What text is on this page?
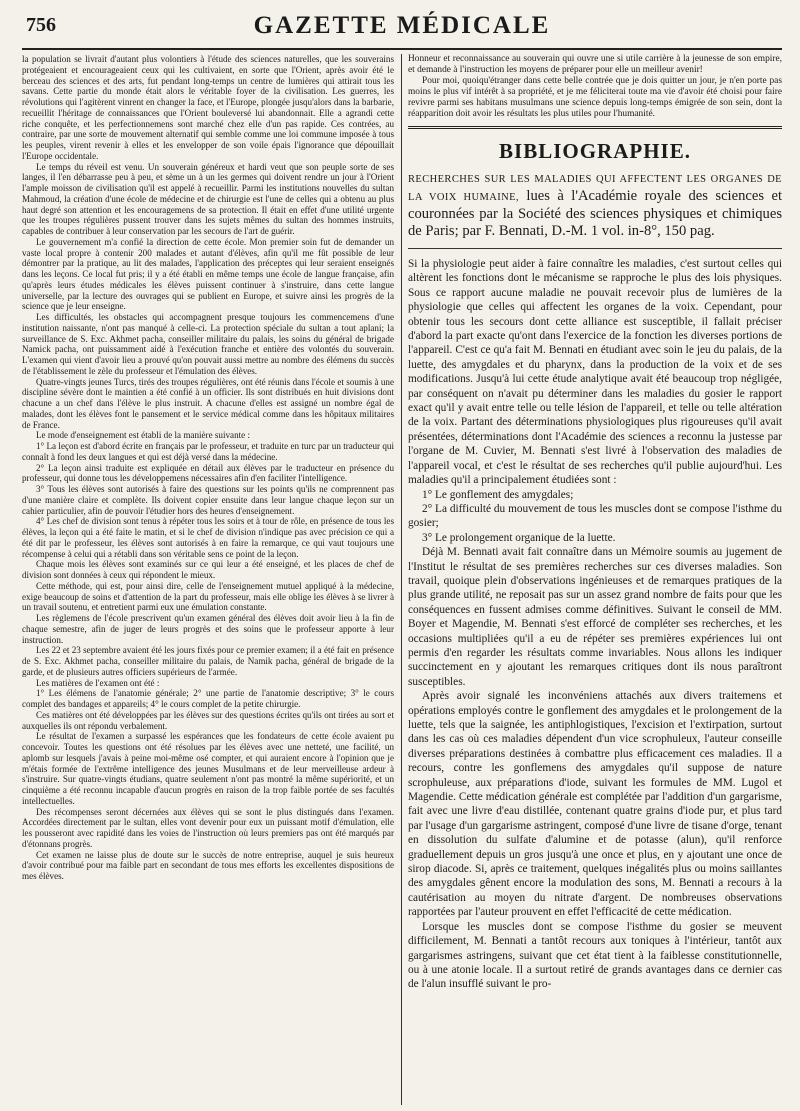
756	GAZETTE MÉDICALE

la population se livrait d'autant plus volontiers à l'étude des sciences naturelles, que les souverains protégeaient et encourageaient ceux qui les cultivaient, en sorte que l'Orient, après avoir été le berceau des sciences et des arts, fut pendant long-temps un centre de lumières qui attirait tous les savans. Cette partie du monde était alors le véritable foyer de la civilisation. Les guerres, les révolutions qui l'agitèrent vinrent en changer la face, et l'Europe, plongée jusqu'alors dans la barbarie, recueillit l'héritage de connaissances que l'Orient bouleversé lui abandonnait. Elle a agrandi cette riche conquête, et les perfectionnemens sont marché chez elle d'un pas rapide. Ces contrées, au contraire, par une sorte de mouvement alternatif qui semble comme une loi commune imposée à tous les peuples, virent revenir à elles et les envelopper de son voile épais l'ignorance que dépouillait l'Europe occidentale.

Le temps du réveil est venu. Un souverain généreux et hardi veut que son peuple sorte de ses langes, il l'en débarrasse peu à peu, et sème un à un les germes qui doivent rendre un jour à l'Orient l'ample moisson de civilisation qu'il est appelé à recueillir. Parmi les institutions nouvelles du sultan Mahmoud, la création d'une école de médecine et de chirurgie est l'une de celles qui a obtenu au plus haut degré son attention et les encouragemens de sa protection. Il était en effet d'une utilité urgente que les troupes régulières pussent trouver dans les sujets mêmes du sultan des hommes instruits, capables de contribuer à leur conservation par les secours de l'art de guérir.

Le gouvernement m'a confié la direction de cette école. Mon premier soin fut de demander un vaste local propre à contenir 200 malades et autant d'élèves, afin qu'il me fût possible de leur démontrer par la pratique, au lit des malades, l'application des préceptes qui leur seraient enseignés dans les leçons. Ce local fut pris; il y a été établi en même temps une école de langue française, afin qu'après leurs études médicales les élèves puissent continuer à s'instruire, dans cette langue universelle, par la lecture des ouvrages qui se publient en Europe, et suivre ainsi les progrès de la science que je leur enseigne.

Les difficultés, les obstacles qui accompagnent presque toujours les commencemens d'une institution naissante, n'ont pas manqué à celle-ci. La protection spéciale du sultan a tout aplani; la surveillance de S. Exc. Akhmet pacha, conseiller militaire du palais, les soins du général de brigade Namick pacha, ont puissamment aidé à l'exécution franche et entière des volontés du souverain. L'examen qui vient d'avoir lieu a prouvé qu'on pouvait aussi mettre au nombre des élémens du succès de l'établissement le zèle du professeur et l'émulation des élèves.

Quatre-vingts jeunes Turcs, tirés des troupes régulières, ont été réunis dans l'école et soumis à une discipline sévère dont le maintien a été confié à un officier. Ils sont distribués en huit divisions dont chacune a un chef dans l'élève le plus instruit. A chacune d'elles est assigné un nombre égal de malades, dont les élèves font le pansement et le service médical comme dans les hôpitaux militaires de France.

Le mode d'enseignement est établi de la manière suivante :

1° La leçon est d'abord écrite en français par le professeur, et traduite en turc par un traducteur qui connaît à fond les deux langues et qui est déjà versé dans la médecine.

2° La leçon ainsi traduite est expliquée en détail aux élèves par le traducteur en présence du professeur, qui donne tous les développemens nécessaires afin d'en faciliter l'intelligence.

3° Tous les élèves sont autorisés à faire des questions sur les points qu'ils ne comprennent pas d'une manière claire et complète. Ils doivent copier ensuite dans leur langue chaque leçon sur un cahier particulier, afin de pouvoir l'étudier hors des heures d'enseignement.

4° Les chef de division sont tenus à répéter tous les soirs et à tour de rôle, en présence de tous les élèves, la leçon qui a été faite le matin, et si le chef de division n'indique pas avec précision ce qui a été dit par le professeur, les élèves sont autorisés à en faire la remarque, ce qui vaut toujours une récompense à celui qui a rétabli dans son véritable sens ce point de la leçon.

Chaque mois les élèves sont examinés sur ce qui leur a été enseigné, et les places de chef de division sont données à ceux qui répondent le mieux.

Cette méthode, qui est, pour ainsi dire, celle de l'enseignement mutuel appliqué à la médecine, exige beaucoup de soins et d'attention de la part du professeur, mais elle oblige les élèves à se livrer à un travail soutenu, et entretient parmi eux une émulation constante.

Les règlemens de l'école prescrivent qu'un examen général des élèves doit avoir lieu à la fin de chaque semestre, afin de juger de leurs progrès et des soins que le professeur apporte à leur instruction.

Les 22 et 23 septembre avaient été les jours fixés pour ce premier examen; il a été fait en présence de S. Exc. Akhmet pacha, conseiller militaire du palais, de Namik pacha, général de brigade de la garde, et de plusieurs autres officiers supérieurs de l'armée.

Les matières de l'examen ont été :

1° Les élémens de l'anatomie générale; 2° une partie de l'anatomie descriptive; 3° le cours complet des bandages et appareils; 4° le cours complet de la petite chirurgie.

Ces matières ont été développées par les élèves sur des questions écrites qu'ils ont tirées au sort et auxquelles ils ont répondu verbalement.

Le résultat de l'examen a surpassé les espérances que les fondateurs de cette école avaient pu concevoir. Toutes les questions ont été résolues par les élèves avec une netteté, une facilité, un aplomb sur lesquels j'avais à peine moi-même osé compter, et qui auraient encore à l'opinion que je m'étais formée de l'extrême intelligence des jeunes Musulmans et de leur merveilleuse ardeur à s'instruire. Sur quatre-vingts étudians, quatre seulement n'ont pas montré la même supériorité, et un cinquième a été reconnu incapable d'aucun progrès en raison de la trop faible portée de ses facultés intellectuelles.

Des récompenses seront décernées aux élèves qui se sont le plus distingués dans l'examen. Accordées directement par le sultan, elles vont devenir pour eux un puissant motif d'émulation, elle les pousseront avec rapidité dans les voies de l'instruction où leurs premiers pas ont été marqués par d'étonnans progrès.

Cet examen ne laisse plus de doute sur le succès de notre entreprise, auquel je suis heureux d'avoir contribué pour ma faible part en secondant de tous mes efforts les excellentes dispositions de mes élèves.

Honneur et reconnaissance au souverain qui ouvre une si utile carrière à la jeunesse de son empire, et demande à l'instruction les moyens de préparer pour elle un meilleur avenir!

Pour moi, quoiqu'étranger dans cette belle contrée que je dois quitter un jour, je n'en porte pas moins le plus vif intérêt à sa propriété, et je me féliciterai toute ma vie d'avoir été choisi pour faire revivre parmi ses habitans musulmans une science depuis long-temps émigrée de son sein, dont la réapparition doit avoir les résultats les plus utiles pour l'humanité.

BIBLIOGRAPHIE.
RECHERCHES SUR LES MALADIES QUI AFFECTENT LES ORGANES DE LA VOIX HUMAINE, lues à l'Académie royale des sciences et couronnées par la Société des sciences physiques et chimiques de Paris; par F. Bennati, D.-M. 1 vol. in-8°, 150 pag.

Si la physiologie peut aider à faire connaître les maladies, c'est surtout celles qui altèrent les fonctions dont le mécanisme se rapproche le plus des lois physiques. Sous ce rapport aucune maladie ne pouvait recevoir plus de lumières de la physiologie que celles qui affectent les organes de la voix. Cependant, pour obtenir tous les secours dont cette alliance est susceptible, il fallait préciser d'abord la part exacte qu'ont dans l'exercice de la fonction les diverses portions de l'appareil. C'est ce qu'a fait M. Bennati en étudiant avec soin le jeu du palais, de la luette, des amygdales et du pharynx, dans la production de la voix et de ses modifications. Jusqu'à lui cette étude analytique avait été beaucoup trop négligée, par conséquent on n'avait pu déterminer dans les maladies du gosier le rapport exact qu'il y avait entre telle ou telle lésion de l'appareil, et telle ou telle altération de la voix. Partant des déterminations physiologiques plus rigoureuses qu'il avait présentées, déterminations dont l'Académie des sciences a reconnu la justesse par l'organe de M. Cuvier, M. Bennati s'est livré à l'observation des maladies de l'appareil vocal, et c'est le résultat de ses recherches qu'il publie aujourd'hui. Les maladies qu'il a principalement étudiées sont :

1° Le gonflement des amygdales;

2° La difficulté du mouvement de tous les muscles dont se compose l'isthme du gosier;

3° Le prolongement organique de la luette.

Déjà M. Bennati avait fait connaître dans un Mémoire soumis au jugement de l'Institut le résultat de ses premières recherches sur ces diverses maladies. Son travail, quoique plein d'observations ingénieuses et de remarques pratiques de la plus grande utilité, ne reposait pas sur un assez grand nombre de faits pour que les conséquences en fussent admises comme définitives. Suivant le conseil de MM. Boyer et Magendie, M. Bennati s'est efforcé de compléter ses recherches, et les occasions multipliées qu'il a eu de répéter ses premières expériences lui ont permis d'en regarder les résultats comme invariables. Nous allons les indiquer succinctement en y ajoutant les remarques critiques dont ils nous paraîtront susceptibles.

Après avoir signalé les inconvéniens attachés aux divers traitemens et opérations employés contre le gonflement des amygdales et le prolongement de la luette, tels que la saignée, les antiphlogistiques, l'excision et l'extirpation, surtout dans les cas où ces maladies dépendent d'un vice scrophuleux, l'auteur conseille diverses préparations destinées à combattre plus efficacement ces maladies. Il a recours, contre les gonflemens des amygdales qu'il suppose de nature scrophuleuse, aux préparations d'iode, suivant les formules de MM. Lugol et Magendie. Cette médication générale est complétée par l'addition d'un gargarisme, fait avec une livre d'eau distillée, contenant quatre grains d'iode pur, et plus tard par l'usage d'un gargarisme astringent, composé d'une livre de tisane d'orge, tenant en dissolution du sulfate d'alumine et de potasse (alun), qu'il renforce graduellement depuis un gros jusqu'à une once et plus, en y ajoutant une once de sirop diacode. Si, après ce traitement, quelques inégalités plus ou moins saillantes des amygdales gênent encore la modulation des sons, M. Bennati a recours à la cautérisation au moyen du nitrate d'argent. De nombreuses observations rapportées par l'auteur prouvent en effet l'efficacité de cette médication.

Lorsque les muscles dont se compose l'isthme du gosier se meuvent difficilement, M. Bennati a tantôt recours aux toniques à l'intérieur, tantôt aux gargarismes astringens, suivant que cet état tient à la faiblesse constitutionnelle, ou à une atonie locale. Il a surtout retiré de grands avantages dans ce dernier cas de l'alun insufflé suivant le pro-
